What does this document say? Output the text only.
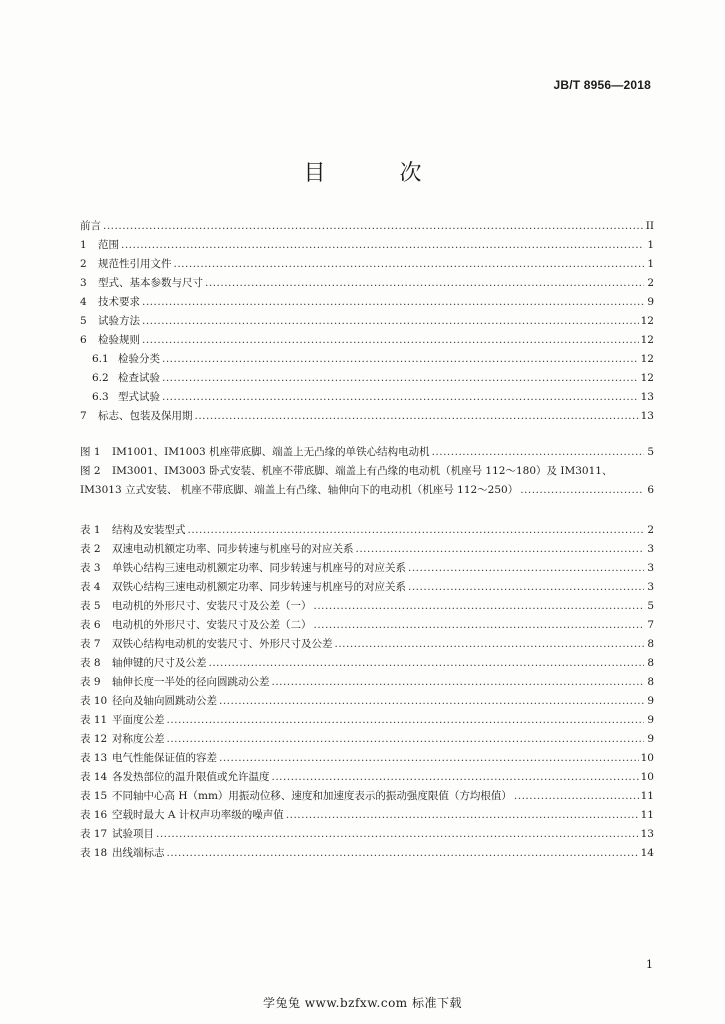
JB/T 8956—2018
目　次
前言 .....	II
1	范围 .....	1
2	规范性引用文件 .....	1
3	型式、基本参数与尺寸 .....	2
4	技术要求 .....	9
5	试验方法 .....	12
6	检验规则 .....	12
6.1 检验分类 .....	12
6.2 检查试验 .....	12
6.3 型式试验 .....	13
7	标志、包装及保用期 .....	13
图 1	IM1001、IM1003 机座带底脚、端盖上无凸缘的单铁心结构电动机 .....	5
图 2	IM3001、IM3003 卧式安装、机座不带底脚、端盖上有凸缘的电动机（机座号 112～180）及 IM3011、
IM3013 立式安装、 机座不带底脚、端盖上有凸缘、轴伸向下的电动机（机座号 112～250） .....	6
表 1	结构及安装型式 .....	2
表 2	双速电动机额定功率、同步转速与机座号的对应关系 .....	3
表 3	单铁心结构三速电动机额定功率、同步转速与机座号的对应关系 .....	3
表 4	双铁心结构三速电动机额定功率、同步转速与机座号的对应关系 .....	3
表 5	电动机的外形尺寸、安装尺寸及公差（一） .....	5
表 6	电动机的外形尺寸、安装尺寸及公差（二） .....	7
表 7	双铁心结构电动机的安装尺寸、外形尺寸及公差 .....	8
表 8	轴伸键的尺寸及公差 .....	8
表 9	轴伸长度一半处的径向圆跳动公差 .....	8
表 10 径向及轴向圆跳动公差 .....	9
表 11 平面度公差 .....	9
表 12 对称度公差 .....	9
表 13 电气性能保证值的容差 .....	10
表 14 各发热部位的温升限值或允许温度 .....	10
表 15 不同轴中心高 H（mm）用振动位移、速度和加速度表示的振动强度限值（方均根值） .....	11
表 16 空载时最大 A 计权声功率级的噪声值 .....	11
表 17 试验项目 .....	13
表 18 出线端标志 .....	14
1
学兔兔 www.bzfxw.com 标准下载
